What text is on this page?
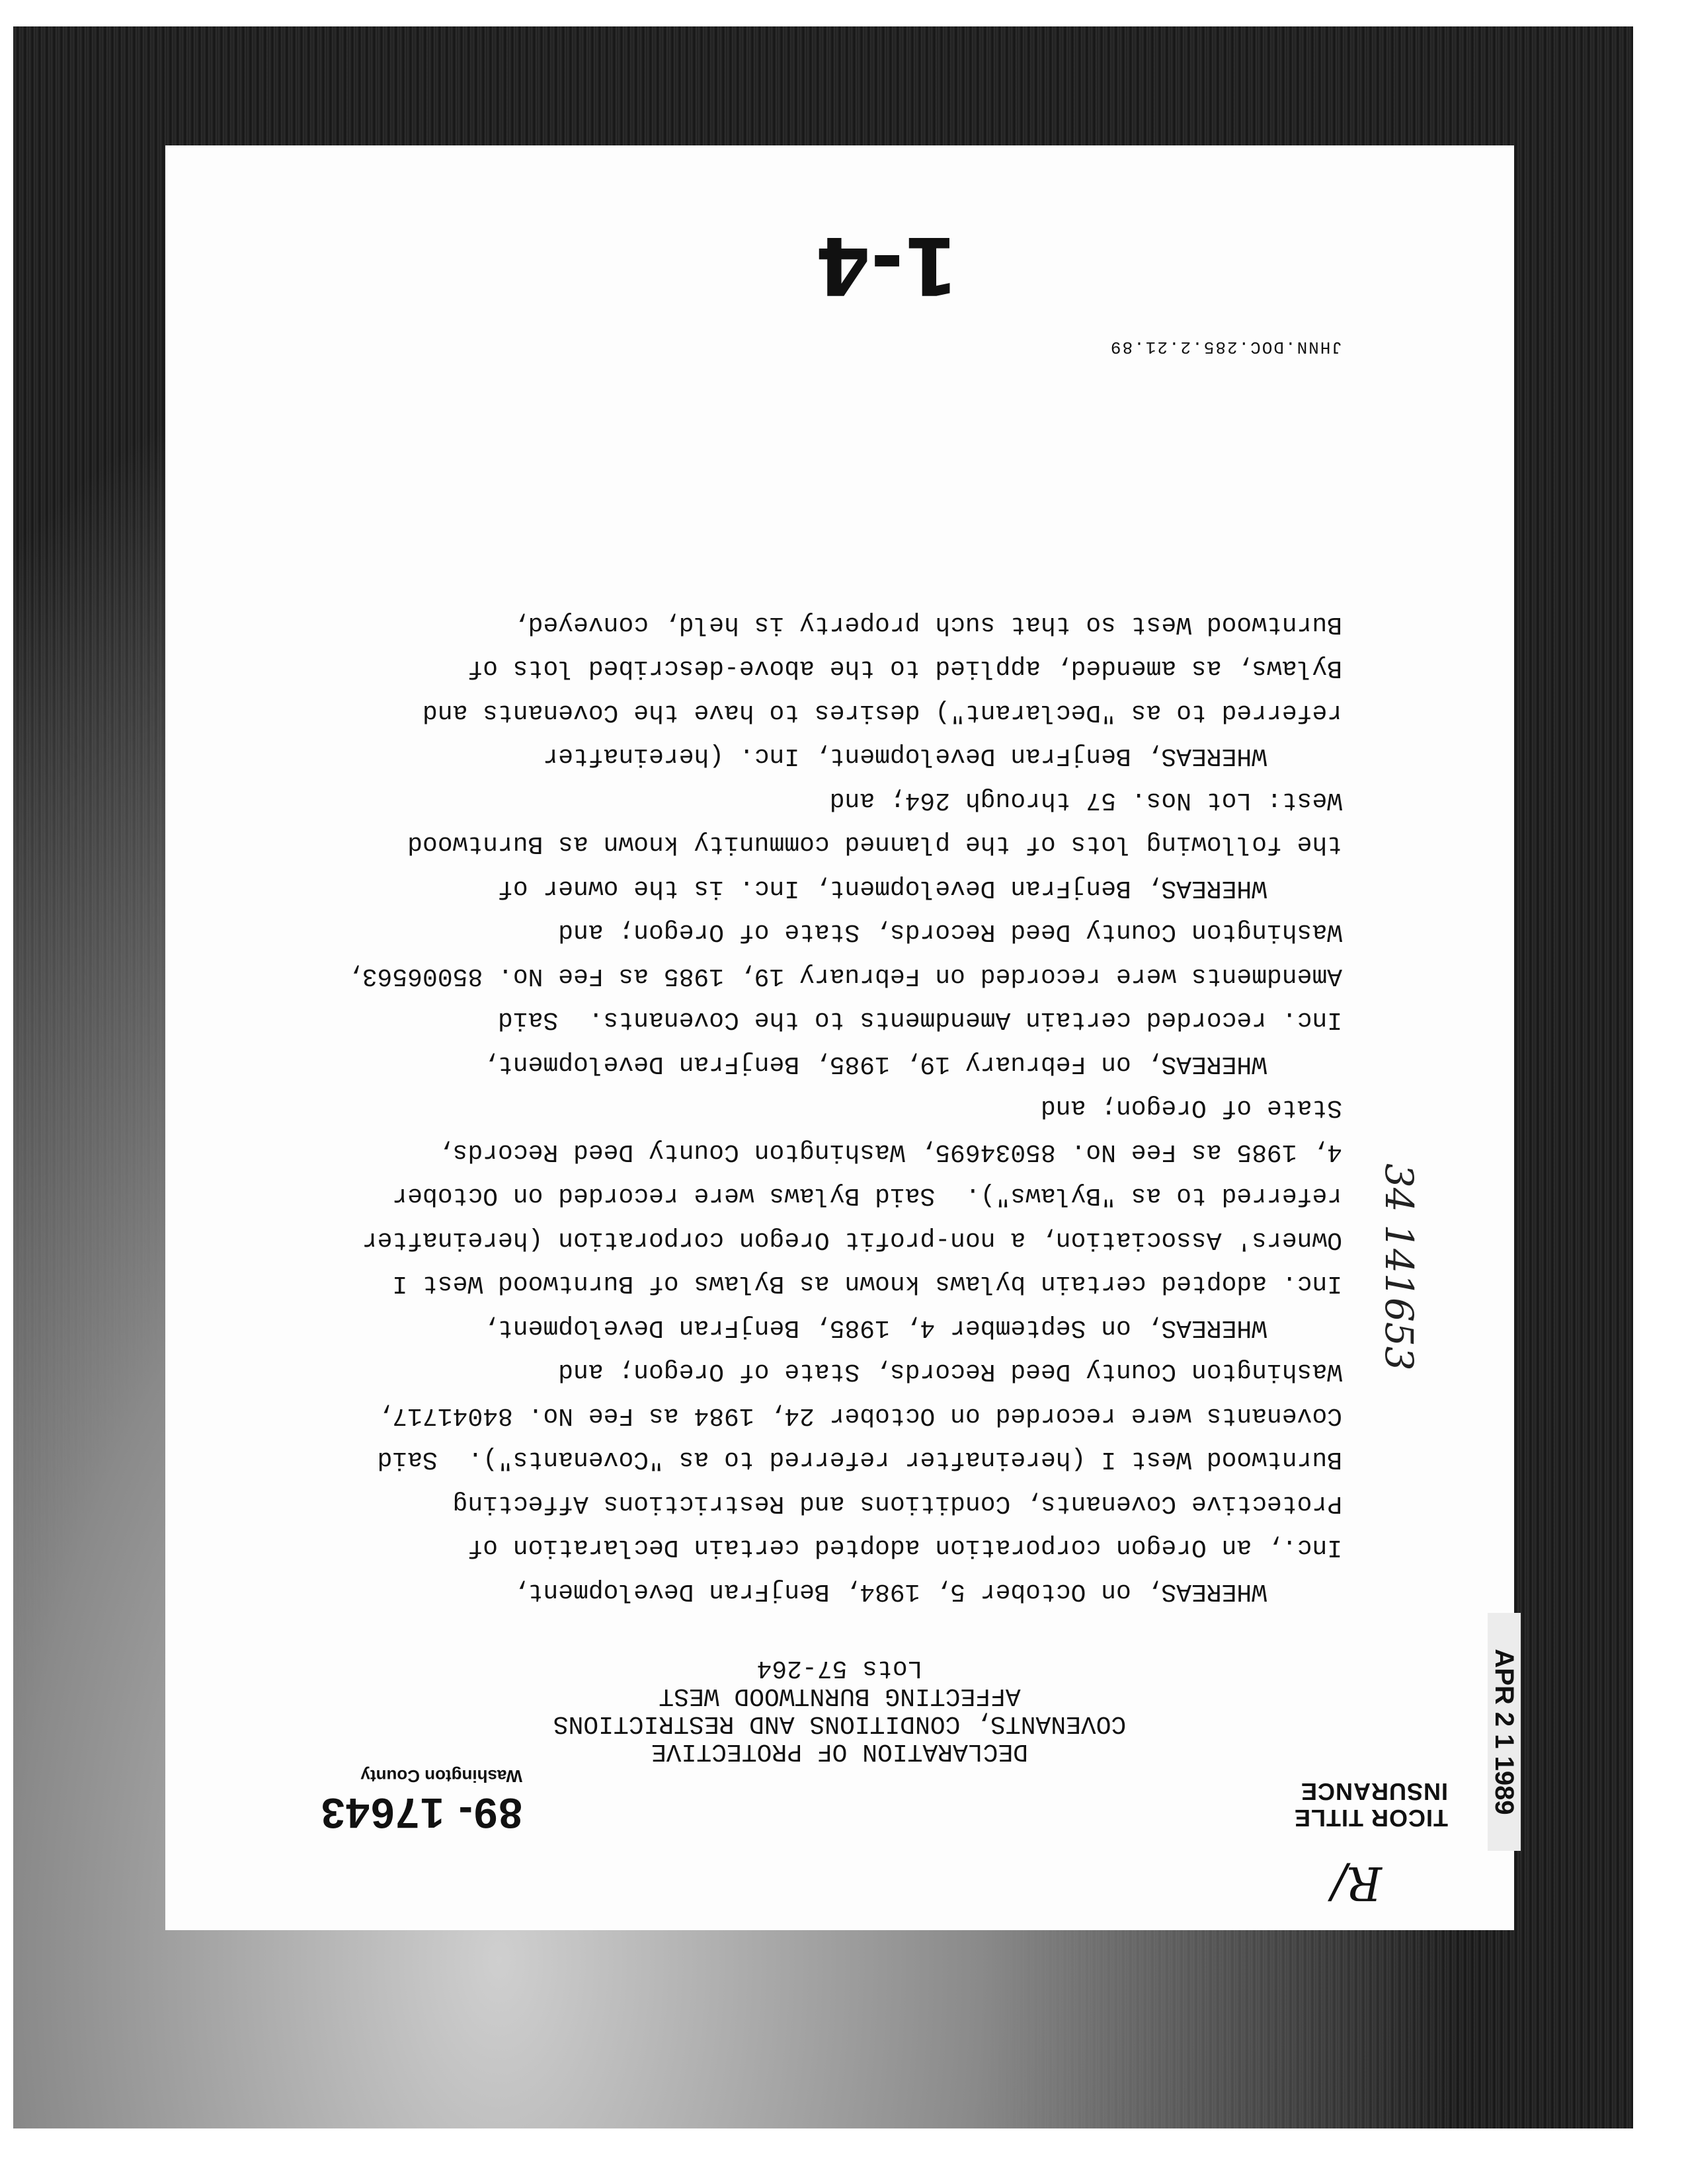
R/
TICOR TITLE
INSURANCE
89- 17643
Washington County
DECLARATION OF PROTECTIVE
COVENANTS, CONDITIONS AND RESTRICTIONS
AFFECTING BURNTWOOD WEST
Lots 57-264
WHEREAS, on October 5, 1984, BenjFran Development,
Inc., an Oregon corporation adopted certain Declaration of
Protective Covenants, Conditions and Restrictions Affecting
Burntwood West I (hereinafter referred to as "Covenants").  Said
Covenants were recorded on October 24, 1984 as Fee No. 84041717,
Washington County Deed Records, State of Oregon; and
WHEREAS, on September 4, 1985, BenjFran Development,
Inc. adopted certain bylaws known as Bylaws of Burntwood West I
Owners' Association, a non-profit Oregon corporation (hereinafter
referred to as "Bylaws").  Said Bylaws were recorded on October
4, 1985 as Fee No. 85034695, Washington County Deed Records,
State of Oregon; and
WHEREAS, on February 19, 1985, BenjFran Development,
Inc. recorded certain Amendments to the Covenants.  Said
Amendments were recorded on February 19, 1985 as Fee No. 85006563,
Washington County Deed Records, State of Oregon; and
WHEREAS, BenjFran Development, Inc. is the owner of
the following lots of the planned community known as Burntwood
West: Lot Nos. 57 through 264; and
WHEREAS, BenjFran Development, Inc. (hereinafter
referred to as "Declarant") desires to have the Covenants and
Bylaws, as amended, applied to the above-described lots of
Burntwood West so that such property is held, conveyed,
JHNN.DOC.285.2.21.89
1-4
APR 2 1 1989
34 141653
